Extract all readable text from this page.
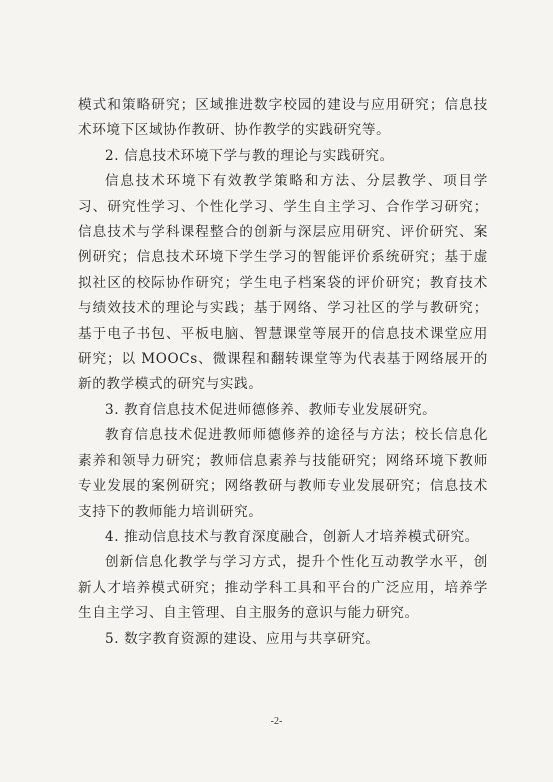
模式和策略研究；区域推进数字校园的建设与应用研究；信息技术环境下区域协作教研、协作教学的实践研究等。

2. 信息技术环境下学与教的理论与实践研究。

信息技术环境下有效教学策略和方法、分层教学、项目学习、研究性学习、个性化学习、学生自主学习、合作学习研究；信息技术与学科课程整合的创新与深层应用研究、评价研究、案例研究；信息技术环境下学生学习的智能评价系统研究；基于虚拟社区的校际协作研究；学生电子档案袋的评价研究；教育技术与绩效技术的理论与实践；基于网络、学习社区的学与教研究；基于电子书包、平板电脑、智慧课堂等展开的信息技术课堂应用研究；以 MOOCs、微课程和翻转课堂等为代表基于网络展开的新的教学模式的研究与实践。

3. 教育信息技术促进师德修养、教师专业发展研究。

教育信息技术促进教师师德修养的途径与方法；校长信息化素养和领导力研究；教师信息素养与技能研究；网络环境下教师专业发展的案例研究；网络教研与教师专业发展研究；信息技术支持下的教师能力培训研究。

4. 推动信息技术与教育深度融合，创新人才培养模式研究。

创新信息化教学与学习方式，提升个性化互动教学水平，创新人才培养模式研究；推动学科工具和平台的广泛应用，培养学生自主学习、自主管理、自主服务的意识与能力研究。

5. 数字教育资源的建设、应用与共享研究。

-2-
